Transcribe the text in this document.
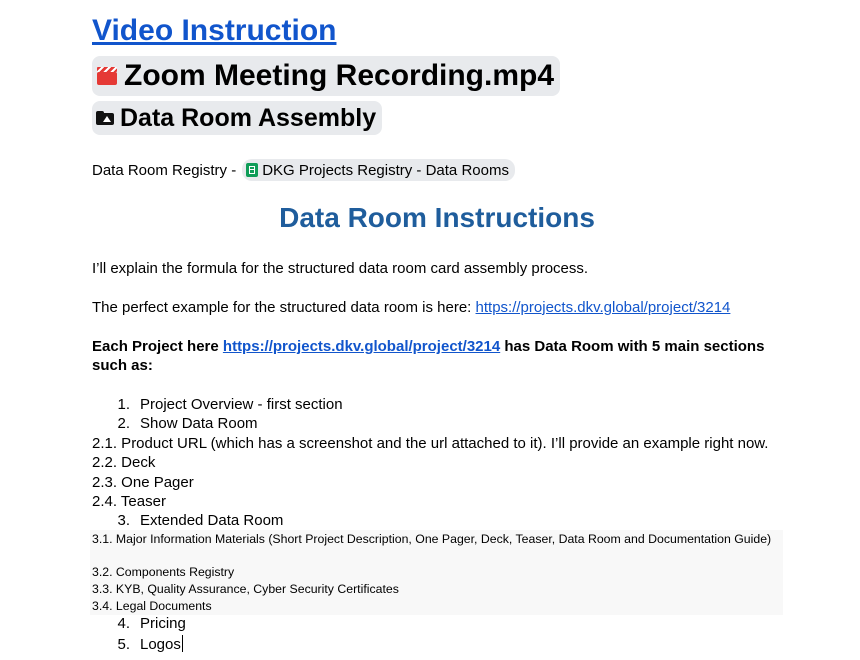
Video Instruction
Zoom Meeting Recording.mp4
Data Room Assembly
Data Room Registry - DKG Projects Registry - Data Rooms
Data Room Instructions
I’ll explain the formula for the structured data room card assembly process.
The perfect example for the structured data room is here: https://projects.dkv.global/project/3214
Each Project here https://projects.dkv.global/project/3214 has Data Room with 5 main sections
such as:
1. Project Overview - first section
2. Show Data Room
2.1. Product URL (which has a screenshot and the url attached to it). I’ll provide an example right now.
2.2. Deck
2.3. One Pager
2.4. Teaser
3. Extended Data Room
3.1. Major Information Materials (Short Project Description, One Pager, Deck, Teaser, Data Room and Documentation Guide)
3.2. Components Registry
3.3. KYB, Quality Assurance, Cyber Security Certificates
3.4. Legal Documents
4. Pricing
5. Logos
